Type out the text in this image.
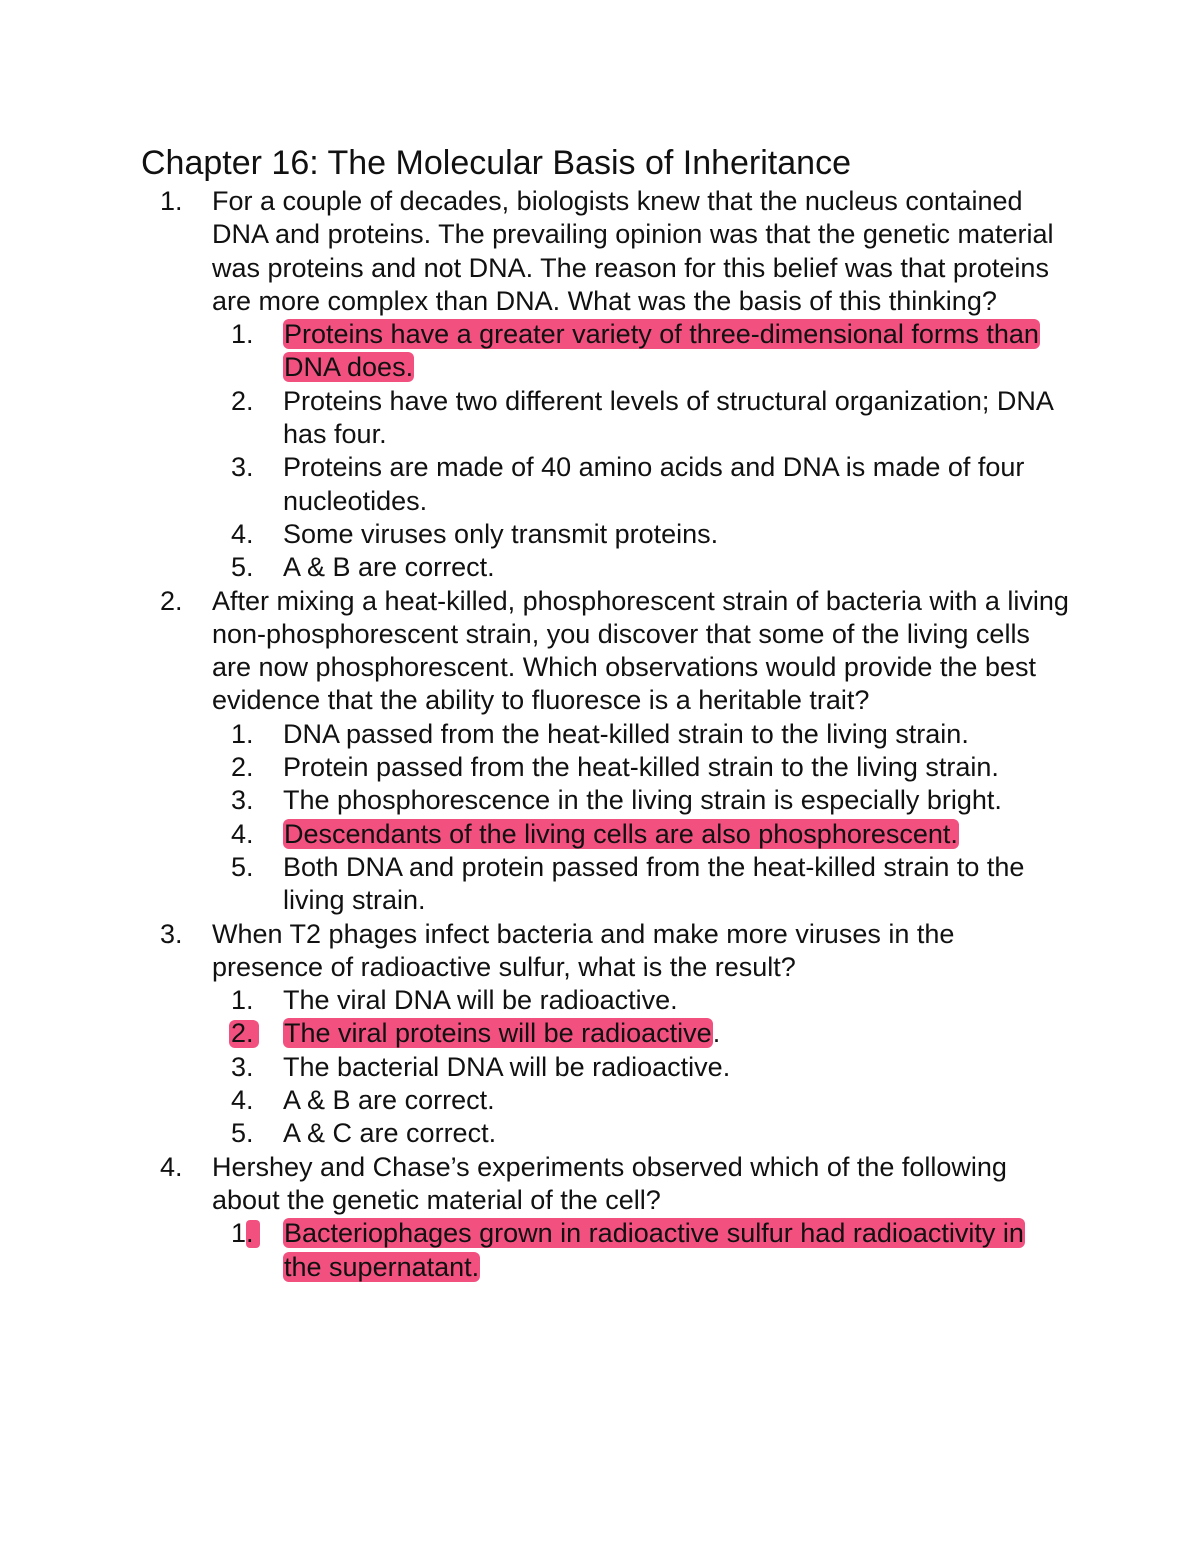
Chapter 16: The Molecular Basis of Inheritance
1.	For a couple of decades, biologists knew that the nucleus contained DNA and proteins. The prevailing opinion was that the genetic material was proteins and not DNA. The reason for this belief was that proteins are more complex than DNA. What was the basis of this thinking?
1.	Proteins have a greater variety of three-dimensional forms than DNA does.
2.	Proteins have two different levels of structural organization; DNA has four.
3.	Proteins are made of 40 amino acids and DNA is made of four nucleotides.
4.	Some viruses only transmit proteins.
5.	A & B are correct.
2.	After mixing a heat-killed, phosphorescent strain of bacteria with a living non-phosphorescent strain, you discover that some of the living cells are now phosphorescent. Which observations would provide the best evidence that the ability to fluoresce is a heritable trait?
1.	DNA passed from the heat-killed strain to the living strain.
2.	Protein passed from the heat-killed strain to the living strain.
3.	The phosphorescence in the living strain is especially bright.
4.	Descendants of the living cells are also phosphorescent.
5.	Both DNA and protein passed from the heat-killed strain to the living strain.
3.	When T2 phages infect bacteria and make more viruses in the presence of radioactive sulfur, what is the result?
1.	The viral DNA will be radioactive.
2.	The viral proteins will be radioactive.
3.	The bacterial DNA will be radioactive.
4.	A & B are correct.
5.	A & C are correct.
4.	Hershey and Chase’s experiments observed which of the following about the genetic material of the cell?
1.	Bacteriophages grown in radioactive sulfur had radioactivity in the supernatant.
